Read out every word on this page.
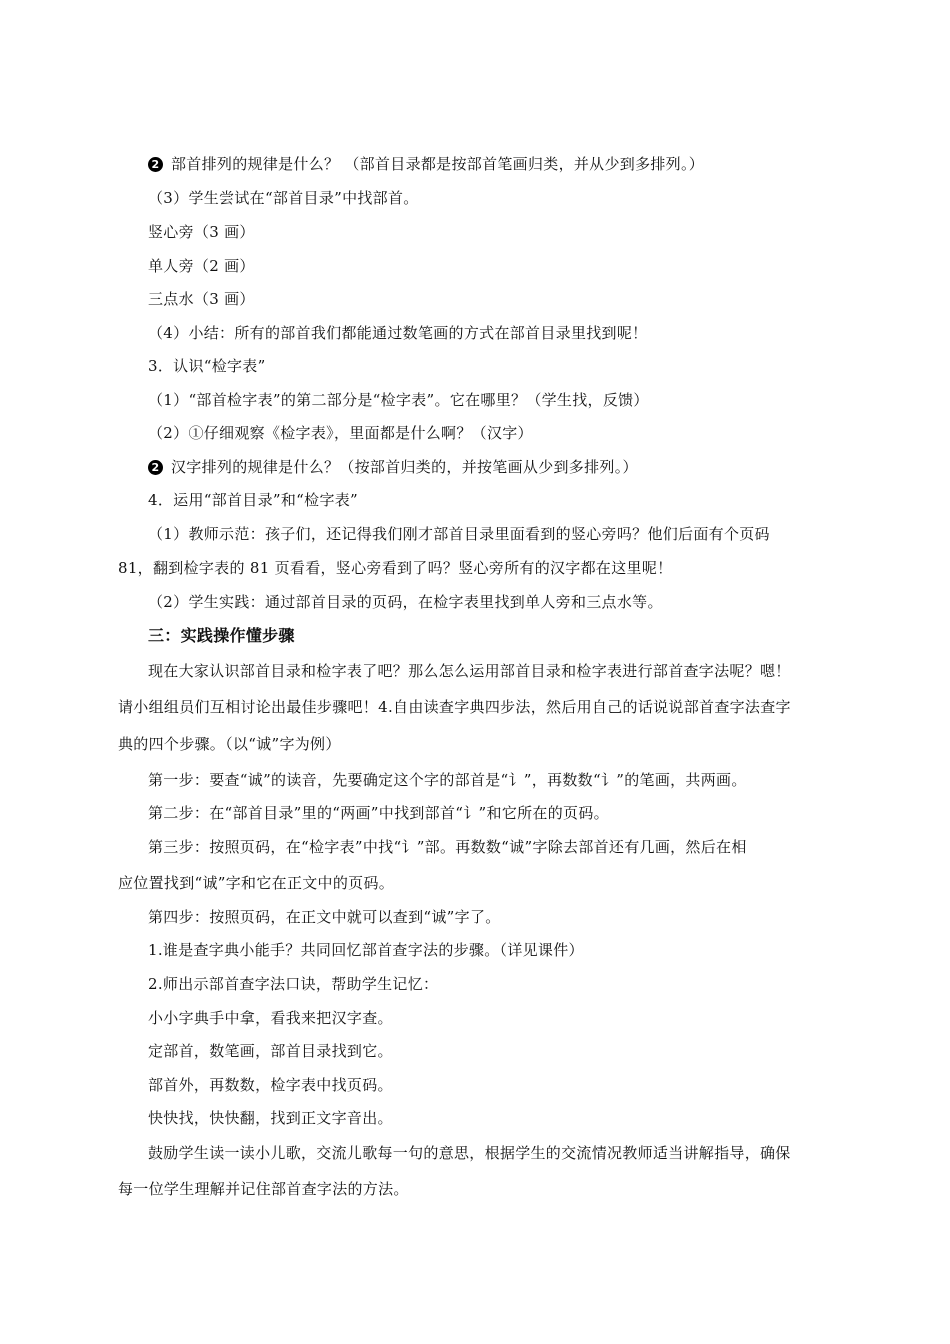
2 部首排列的规律是什么？ （部首目录都是按部首笔画归类，并从少到多排列。）
（3）学生尝试在“部首目录”中找部首。
竖心旁（3 画）
单人旁（2 画）
三点水（3 画）
（4）小结：所有的部首我们都能通过数笔画的方式在部首目录里找到呢！
3．认识“检字表”
（1）“部首检字表”的第二部分是“检字表”。它在哪里？（学生找，反馈）
（2）①仔细观察《检字表》，里面都是什么啊？（汉字）
2 汉字排列的规律是什么？（按部首归类的，并按笔画从少到多排列。）
4．运用“部首目录”和“检字表”
（1）教师示范：孩子们，还记得我们刚才部首目录里面看到的竖心旁吗？他们后面有个页码
81，翻到检字表的 81 页看看，竖心旁看到了吗？竖心旁所有的汉字都在这里呢！
（2）学生实践：通过部首目录的页码，在检字表里找到单人旁和三点水等。
三：实践操作懂步骤
现在大家认识部首目录和检字表了吧？那么怎么运用部首目录和检字表进行部首查字法呢？嗯！
请小组组员们互相讨论出最佳步骤吧！4.自由读查字典四步法，然后用自己的话说说部首查字法查字
典的四个步骤。（以“诚”字为例）
第一步：要查“诚”的读音，先要确定这个字的部首是“讠”，再数数“讠”的笔画，共两画。
第二步：在“部首目录”里的“两画”中找到部首“讠”和它所在的页码。
第三步：按照页码，在“检字表”中找“讠”部。再数数“诚”字除去部首还有几画，然后在相
应位置找到“诚”字和它在正文中的页码。
第四步：按照页码，在正文中就可以查到“诚”字了。
1.谁是查字典小能手？共同回忆部首查字法的步骤。（详见课件）
2.师出示部首查字法口诀，帮助学生记忆：
小小字典手中拿，看我来把汉字查。
定部首，数笔画，部首目录找到它。
部首外，再数数，检字表中找页码。
快快找，快快翻，找到正文字音出。
鼓励学生读一读小儿歌，交流儿歌每一句的意思，根据学生的交流情况教师适当讲解指导，确保
每一位学生理解并记住部首查字法的方法。
